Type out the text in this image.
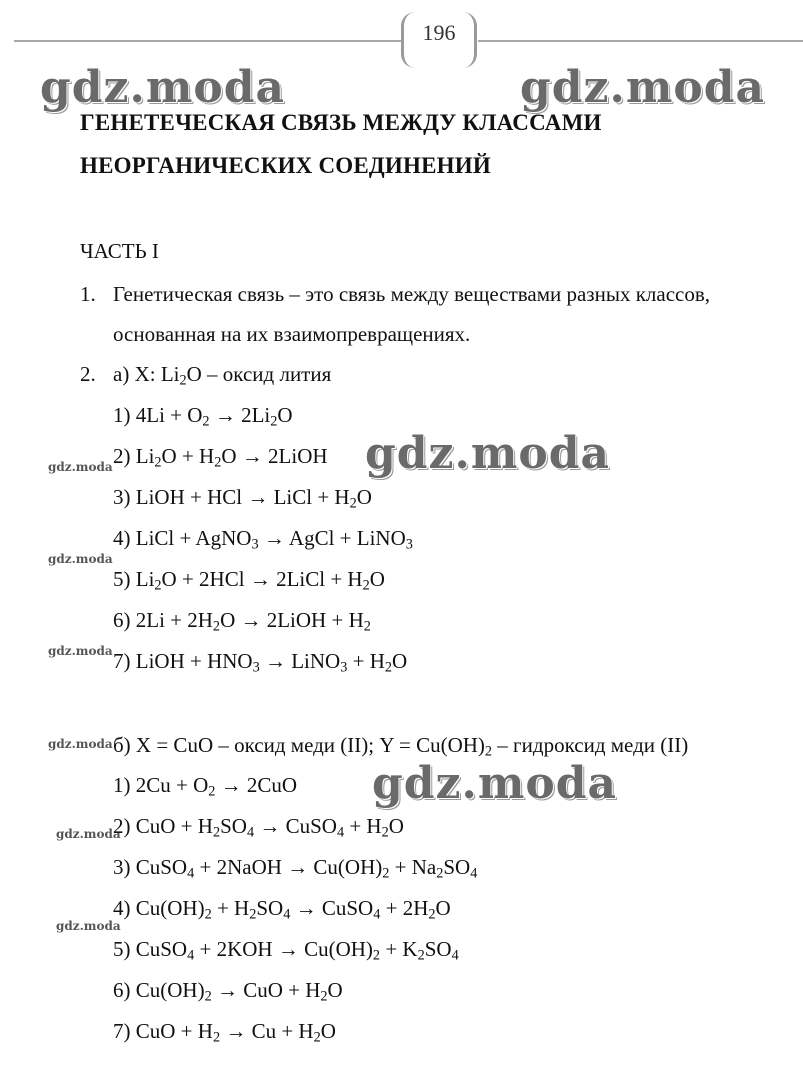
196
gdz.moda	gdz.moda
gdz.moda
gdz.moda
gdz.moda
gdz.moda
gdz.moda
gdz.moda
gdz.moda
gdz.moda
ГЕНЕТЕЧЕСКАЯ СВЯЗЬ МЕЖДУ КЛАССАМИ
НЕОРГАНИЧЕСКИХ СОЕДИНЕНИЙ
ЧАСТЬ I
1. Генетическая связь – это связь между веществами разных классов,
основанная на их взаимопревращениях.
2. а) X: $Li_2O$ – оксид лития
1) $4Li + O_2 \to 2Li_2O$
2) $Li_2O + H_2O$ → 2LiOH
3) LiOH + HCl → LiCl + $H_2O$
4) LiCl + AgNO$_3$ → AgCl + LiNO$_3$
5) $Li_2O + 2HCl$ → 2LiCl + $H_2O$
6) $2Li + 2H_2O$ → 2LiOH + $H_2$
7) LiOH + $HNO_3$ → LiNO$_3$ + $H_2O$
б) X = CuO – оксид меди (II); $Y = Cu(OH)_2$ – гидроксид меди (II)
1) $2Cu + O_2 \to 2CuO$
2) CuO + $H_2SO_4$ → CuSO$_4$ + $H_2O$
3) CuSO$_4$ + 2NaOH → $Cu(OH)_2 + Na_2SO_4$
4) $Cu(OH)_2 + H_2SO_4$ → CuSO$_4$ + $2H_2O$
5) CuSO$_4$ + $2KOH \to Cu(OH)_2 + K_2SO_4$
6) $Cu(OH)_2$ → CuO + $H_2O$
7) CuO + $H_2 \to Cu + H_2O$
